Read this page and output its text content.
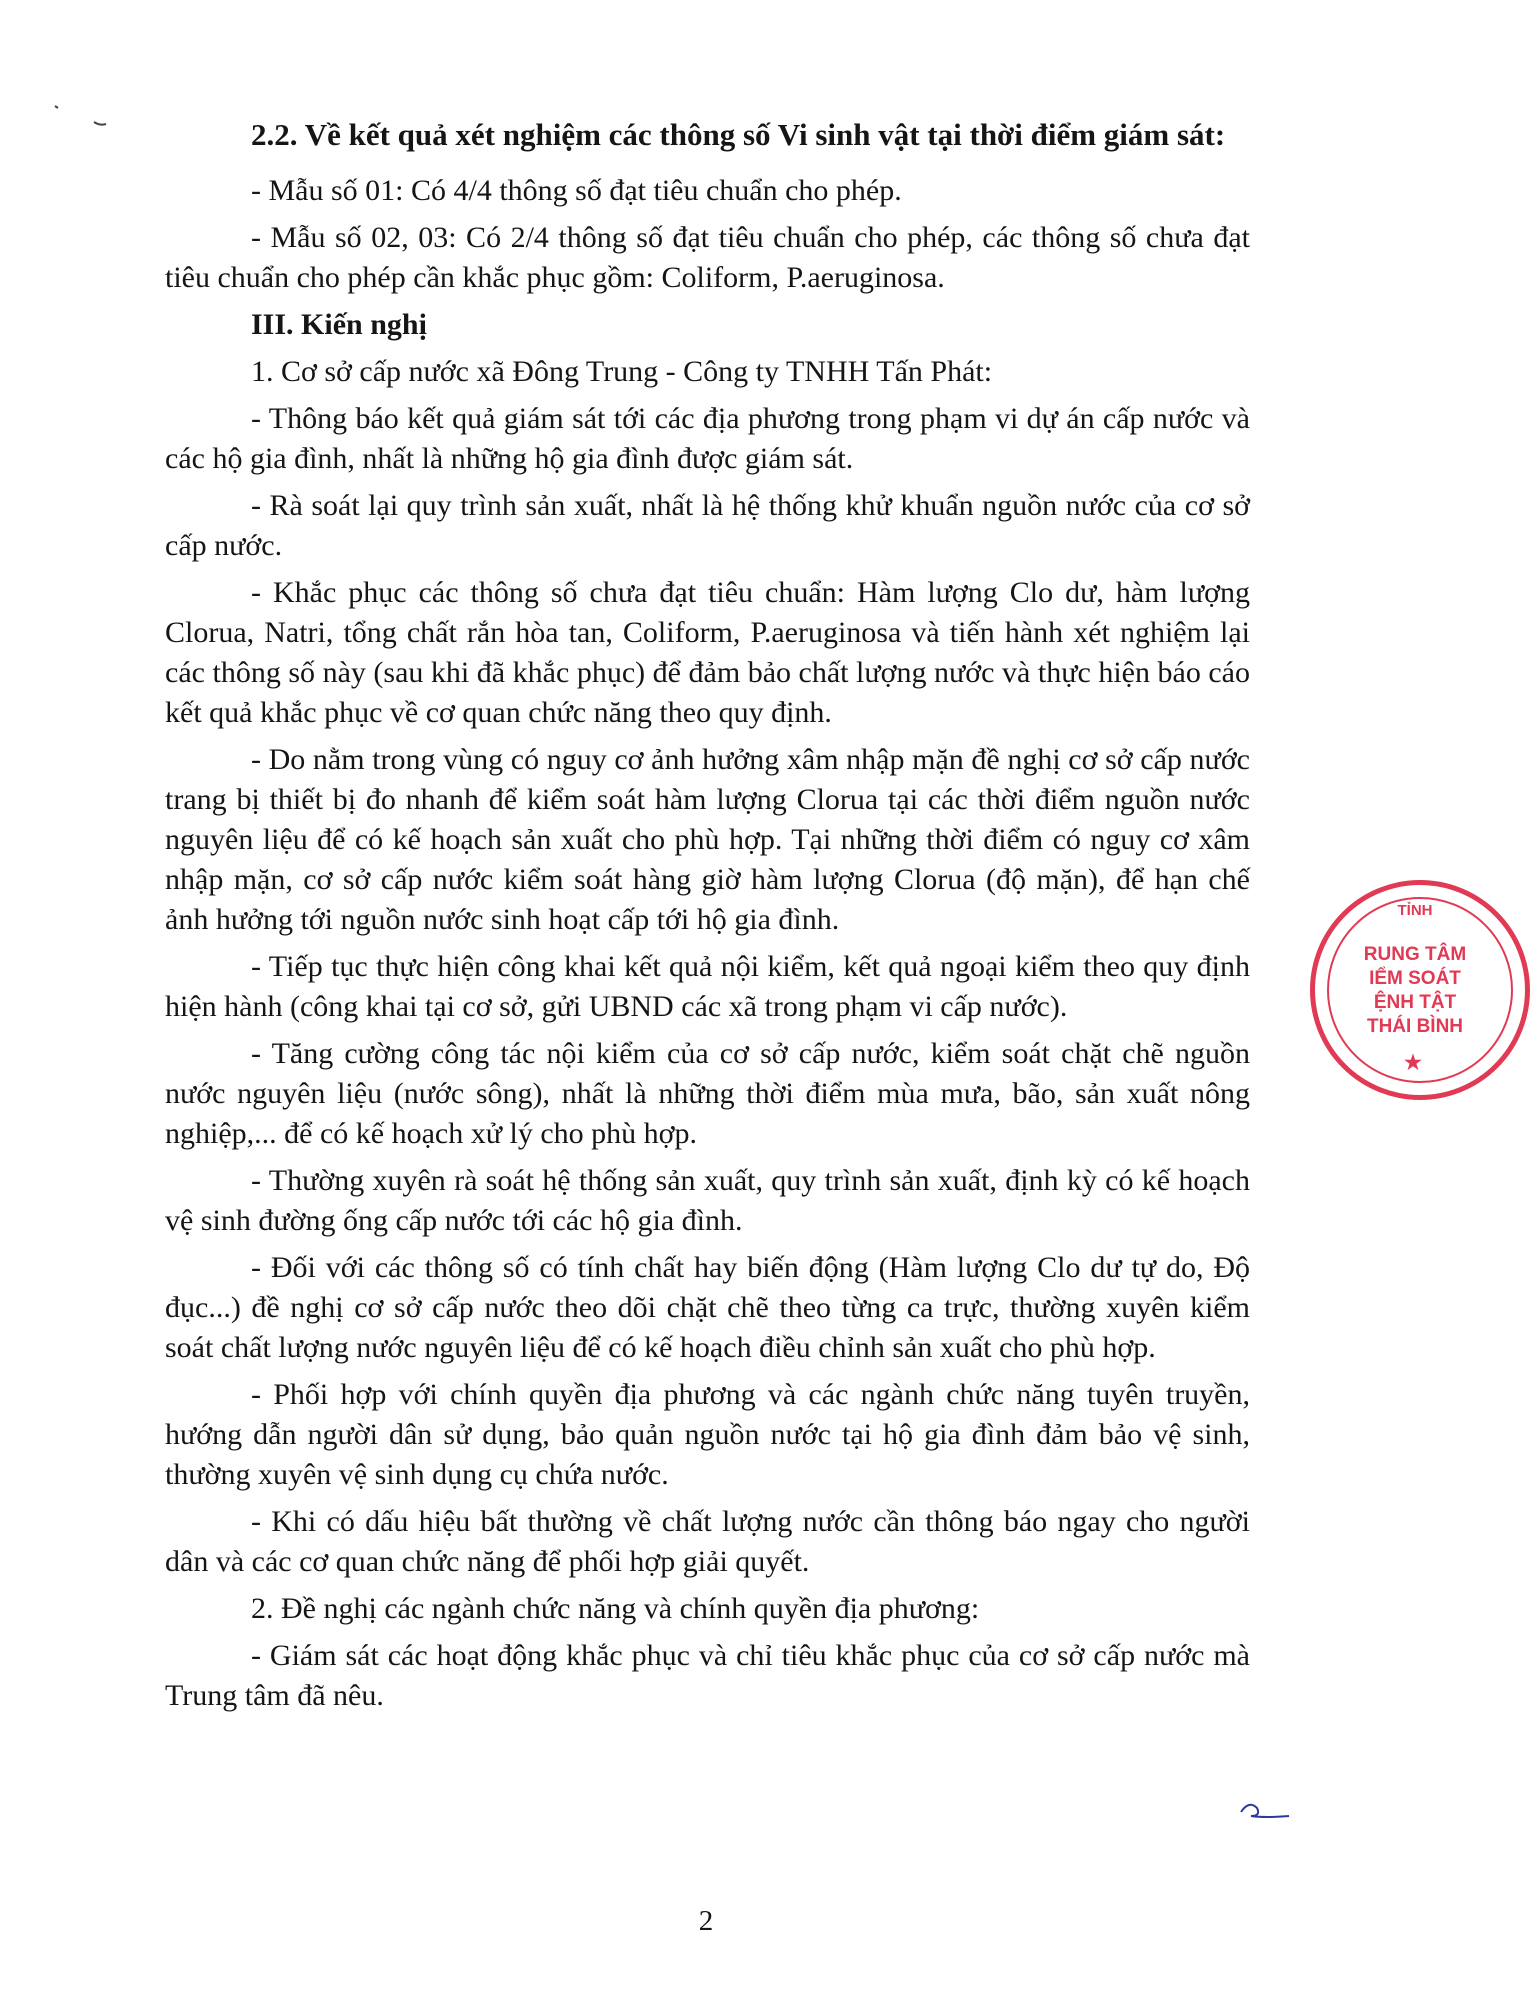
2.2. Về kết quả xét nghiệm các thông số Vi sinh vật tại thời điểm giám sát:

- Mẫu số 01: Có 4/4 thông số đạt tiêu chuẩn cho phép.

- Mẫu số 02, 03: Có 2/4 thông số đạt tiêu chuẩn cho phép, các thông số chưa đạt tiêu chuẩn cho phép cần khắc phục gồm: Coliform, P.aeruginosa.

III. Kiến nghị

1. Cơ sở cấp nước xã Đông Trung - Công ty TNHH Tấn Phát:

- Thông báo kết quả giám sát tới các địa phương trong phạm vi dự án cấp nước và các hộ gia đình, nhất là những hộ gia đình được giám sát.

- Rà soát lại quy trình sản xuất, nhất là hệ thống khử khuẩn nguồn nước của cơ sở cấp nước.

- Khắc phục các thông số chưa đạt tiêu chuẩn: Hàm lượng Clo dư, hàm lượng Clorua, Natri, tổng chất rắn hòa tan, Coliform, P.aeruginosa và tiến hành xét nghiệm lại các thông số này (sau khi đã khắc phục) để đảm bảo chất lượng nước và thực hiện báo cáo kết quả khắc phục về cơ quan chức năng theo quy định.

- Do nằm trong vùng có nguy cơ ảnh hưởng xâm nhập mặn đề nghị cơ sở cấp nước trang bị thiết bị đo nhanh để kiểm soát hàm lượng Clorua tại các thời điểm nguồn nước nguyên liệu để có kế hoạch sản xuất cho phù hợp. Tại những thời điểm có nguy cơ xâm nhập mặn, cơ sở cấp nước kiểm soát hàng giờ hàm lượng Clorua (độ mặn), để hạn chế ảnh hưởng tới nguồn nước sinh hoạt cấp tới hộ gia đình.

- Tiếp tục thực hiện công khai kết quả nội kiểm, kết quả ngoại kiểm theo quy định hiện hành (công khai tại cơ sở, gửi UBND các xã trong phạm vi cấp nước).

- Tăng cường công tác nội kiểm của cơ sở cấp nước, kiểm soát chặt chẽ nguồn nước nguyên liệu (nước sông), nhất là những thời điểm mùa mưa, bão, sản xuất nông nghiệp,... để có kế hoạch xử lý cho phù hợp.

- Thường xuyên rà soát hệ thống sản xuất, quy trình sản xuất, định kỳ có kế hoạch vệ sinh đường ống cấp nước tới các hộ gia đình.

- Đối với các thông số có tính chất hay biến động (Hàm lượng Clo dư tự do, Độ đục...) đề nghị cơ sở cấp nước theo dõi chặt chẽ theo từng ca trực, thường xuyên kiểm soát chất lượng nước nguyên liệu để có kế hoạch điều chỉnh sản xuất cho phù hợp.

- Phối hợp với chính quyền địa phương và các ngành chức năng tuyên truyền, hướng dẫn người dân sử dụng, bảo quản nguồn nước tại hộ gia đình đảm bảo vệ sinh, thường xuyên vệ sinh dụng cụ chứa nước.

- Khi có dấu hiệu bất thường về chất lượng nước cần thông báo ngay cho người dân và các cơ quan chức năng để phối hợp giải quyết.

2. Đề nghị các ngành chức năng và chính quyền địa phương:

- Giám sát các hoạt động khắc phục và chỉ tiêu khắc phục của cơ sở cấp nước mà Trung tâm đã nêu.

2
TỈNH
RUNG TÂM
IỂM SOÁT
ỆNH TẬT
THÁI BÌNH
★
